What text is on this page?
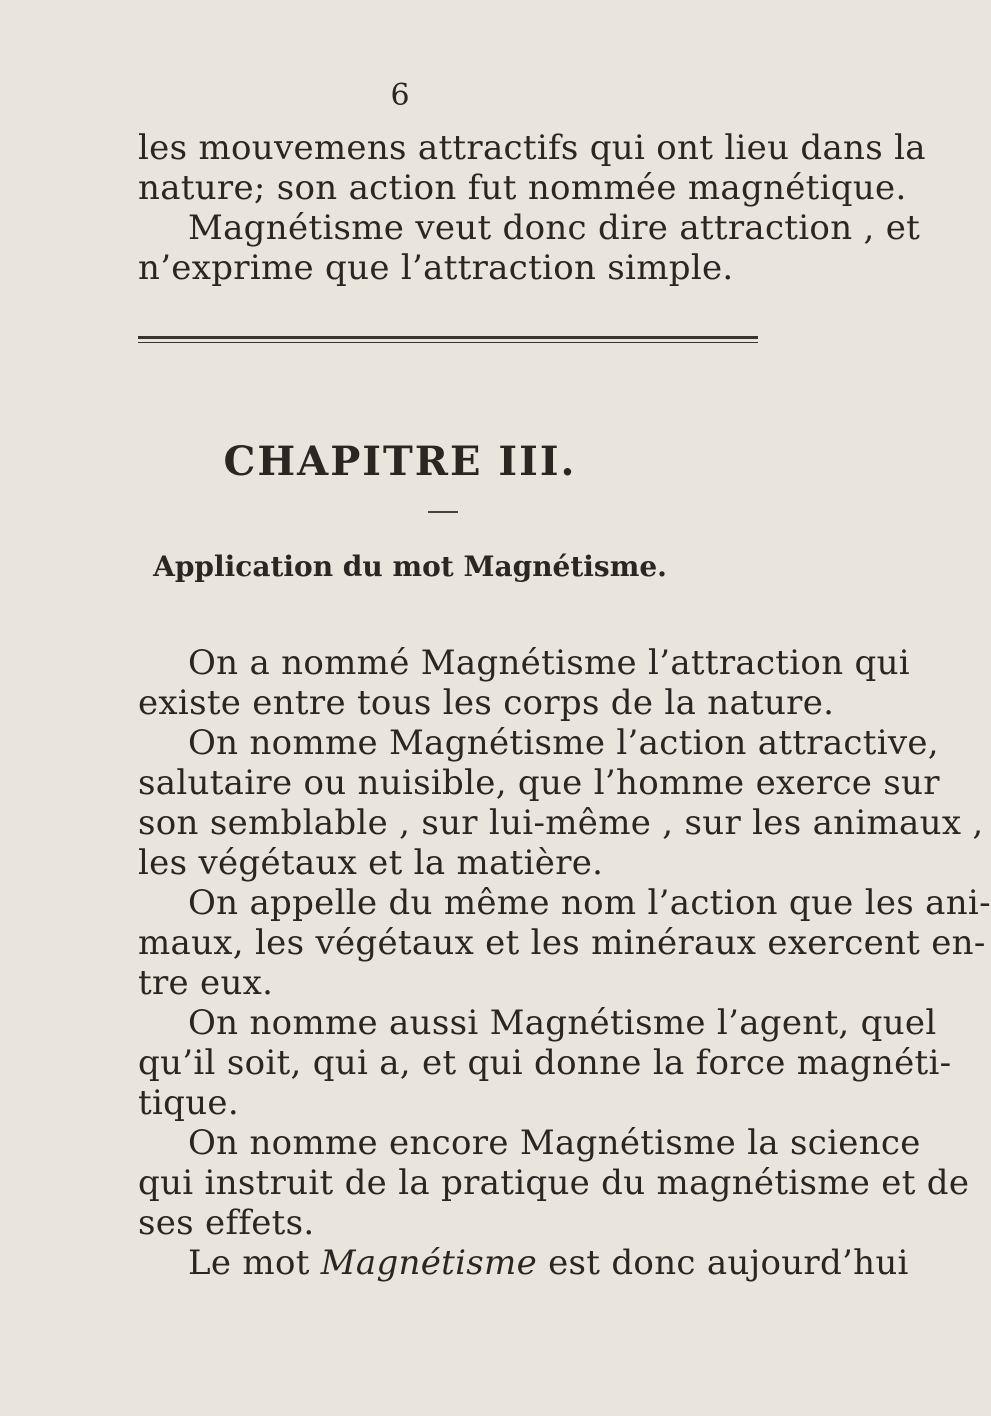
6
les mouvemens attractifs qui ont lieu dans la
nature; son action fut nommée magnétique.
Magnétisme veut donc dire attraction , et
n’exprime que l’attraction simple.
CHAPITRE III.
Application du mot Magnétisme.
On a nommé Magnétisme l’attraction qui
existe entre tous les corps de la nature.
On nomme Magnétisme l’action attractive,
salutaire ou nuisible, que l’homme exerce sur
son semblable , sur lui-même , sur les animaux ,
les végétaux et la matière.
On appelle du même nom l’action que les ani-
maux, les végétaux et les minéraux exercent en-
tre eux.
On nomme aussi Magnétisme l’agent, quel
qu’il soit, qui a, et qui donne la force magnéti-
tique.
On nomme encore Magnétisme la science
qui instruit de la pratique du magnétisme et de
ses effets.
Le mot Magnétisme est donc aujourd’hui
